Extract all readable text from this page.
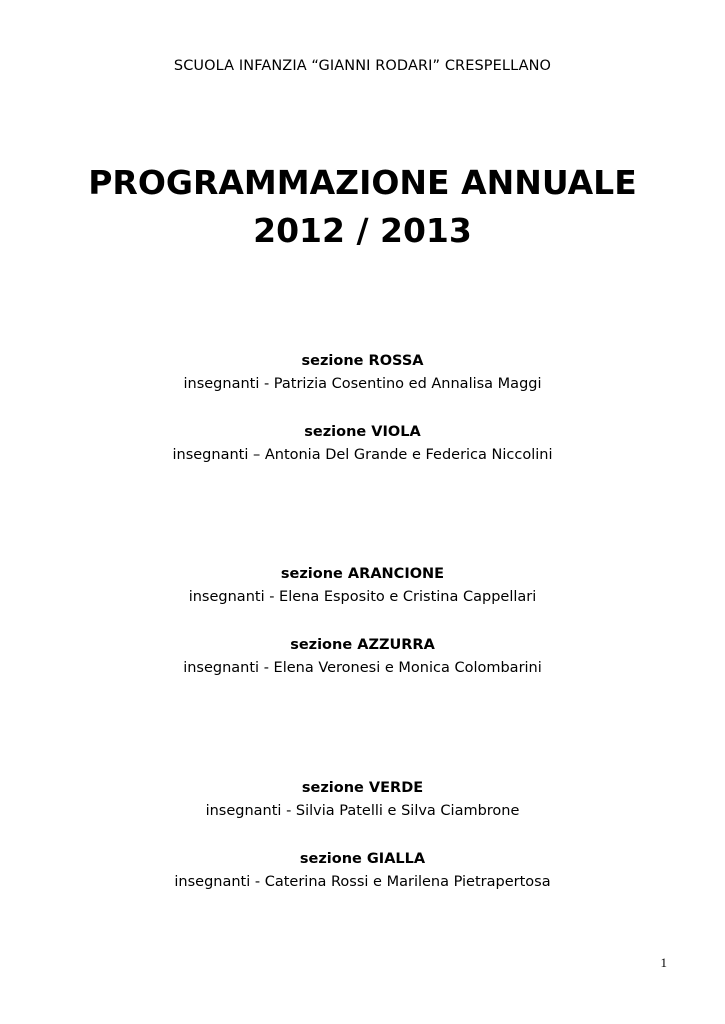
SCUOLA INFANZIA “GIANNI RODARI” CRESPELLANO
PROGRAMMAZIONE ANNUALE
2012 / 2013
sezione ROSSA
insegnanti - Patrizia Cosentino ed Annalisa Maggi
sezione VIOLA
insegnanti – Antonia Del Grande e Federica Niccolini
sezione ARANCIONE
insegnanti - Elena Esposito e Cristina Cappellari
sezione AZZURRA
insegnanti - Elena Veronesi e Monica Colombarini
sezione VERDE
insegnanti - Silvia Patelli e Silva Ciambrone
sezione GIALLA
insegnanti - Caterina Rossi e Marilena Pietrapertosa
1
